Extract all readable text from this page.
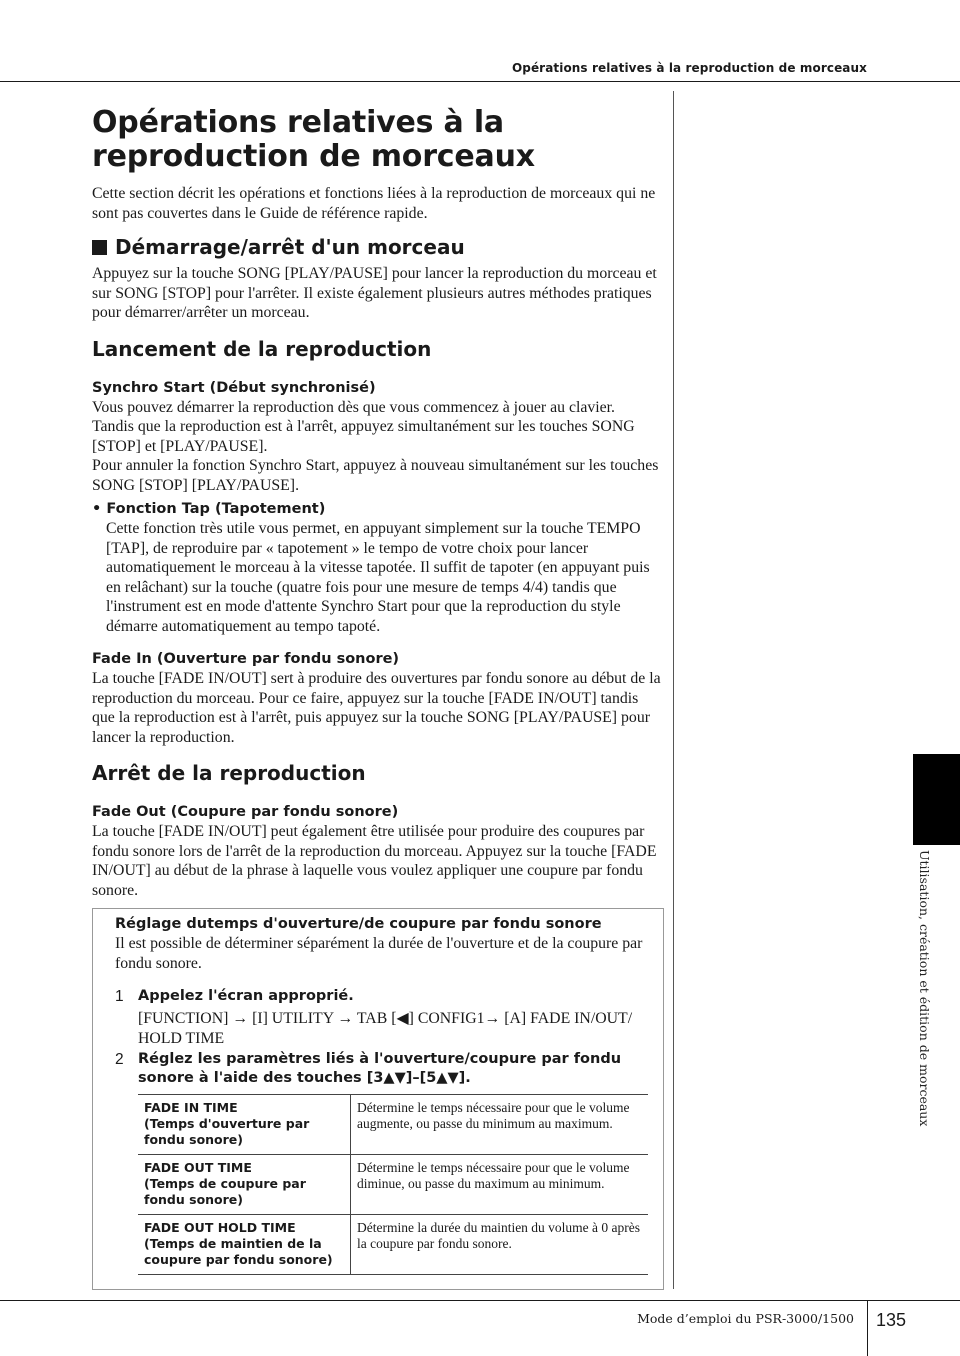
Opérations relatives à la reproduction de morceaux
Utilisation, création et édition de morceaux
Opérations relatives à la
reproduction de morceaux

Cette section décrit les opérations et fonctions liées à la reproduction de morceaux qui ne sont pas couvertes dans le Guide de référence rapide.

Démarrage/arrêt d'un morceau

Appuyez sur la touche SONG [PLAY/PAUSE] pour lancer la reproduction du morceau et sur SONG [STOP] pour l'arrêter. Il existe également plusieurs autres méthodes pratiques pour démarrer/arrêter un morceau.

Lancement de la reproduction
Synchro Start (Début synchronisé)

Vous pouvez démarrer la reproduction dès que vous commencez à jouer au clavier.

Tandis que la reproduction est à l'arrêt, appuyez simultanément sur les touches SONG [STOP] et [PLAY/PAUSE].

Pour annuler la fonction Synchro Start, appuyez à nouveau simultanément sur les touches SONG [STOP] [PLAY/PAUSE].

• Fonction Tap (Tapotement)

Cette fonction très utile vous permet, en appuyant simplement sur la touche TEMPO [TAP], de reproduire par « tapotement » le tempo de votre choix pour lancer automatiquement le morceau à la vitesse tapotée. Il suffit de tapoter (en appuyant puis en relâchant) sur la touche (quatre fois pour une mesure de temps 4/4) tandis que l'instrument est en mode d'attente Synchro Start pour que la reproduction du style démarre automatiquement au tempo tapoté.

Fade In (Ouverture par fondu sonore)

La touche [FADE IN/OUT] sert à produire des ouvertures par fondu sonore au début de la reproduction du morceau. Pour ce faire, appuyez sur la touche [FADE IN/OUT] tandis que la reproduction est à l'arrêt, puis appuyez sur la touche SONG [PLAY/PAUSE] pour lancer la reproduction.

Arrêt de la reproduction
Fade Out (Coupure par fondu sonore)

La touche [FADE IN/OUT] peut également être utilisée pour produire des coupures par fondu sonore lors de l'arrêt de la reproduction du morceau. Appuyez sur la touche [FADE IN/OUT] au début de la phrase à laquelle vous voulez appliquer une coupure par fondu sonore.

Réglage dutemps d'ouverture/de coupure par fondu sonore

Il est possible de déterminer séparément la durée de l'ouverture et de la coupure par fondu sonore.

1 Appelez l'écran approprié.

[FUNCTION] → [I] UTILITY → TAB [◀] CONFIG1→ [A] FADE IN/OUT/ HOLD TIME

2 Réglez les paramètres liés à l'ouverture/coupure par fondu sonore à l'aide des touches [3▲▼]–[5▲▼].
FADE IN TIME
(Temps d'ouverture par fondu sonore)	Détermine le temps nécessaire pour que le volume augmente, ou passe du minimum au maximum.
FADE OUT TIME
(Temps de coupure par fondu sonore)	Détermine le temps nécessaire pour que le volume diminue, ou passe du maximum au minimum.
FADE OUT HOLD TIME
(Temps de maintien de la coupure par fondu sonore)	Détermine la durée du maintien du volume à 0 après la coupure par fondu sonore.
Mode d’emploi du PSR-3000/1500 135
